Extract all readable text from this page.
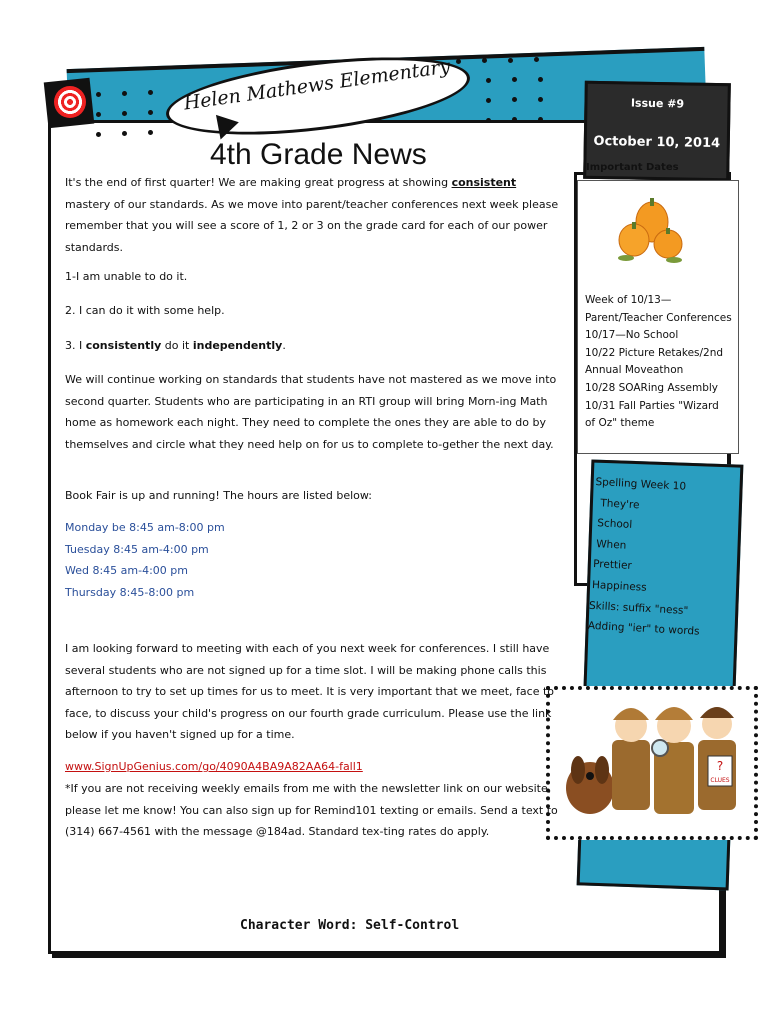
Helen Mathews Elementary
4th Grade News
Issue #9
October 10, 2014
Important Dates
Week of 10/13—
Parent/Teacher Conferences
10/17—No School
10/22 Picture Retakes/2nd
Annual Moveathon
10/28 SOARing Assembly
10/31 Fall Parties "Wizard
of Oz" theme
Spelling Week 10
They're
School
When
Prettier
Happiness
Skills: suffix "ness"
Adding "ier" to words
?
CLUES
It's the end of first quarter! We are making great progress at showing consistent mastery of our standards. As we move into parent/teacher conferences next week please remember that you will see a score of 1, 2 or 3 on the grade card for each of our power standards.
1-I am unable to do it.
2. I can do it with some help.
3. I consistently do it independently.
We will continue working on standards that students have not mastered as we move into second quarter. Students who are participating in an RTI group will bring Morn-ing Math home as homework each night. They need to complete the ones they are able to do by themselves and circle what they need help on for us to complete to-gether the next day.
Book Fair is up and running! The hours are listed below:
Monday be 8:45 am-8:00 pm
Tuesday 8:45 am-4:00 pm
Wed 8:45 am-4:00 pm
Thursday 8:45-8:00 pm
I am looking forward to meeting with each of you next week for conferences. I still have several students who are not signed up for a time slot. I will be making phone calls this afternoon to try to set up times for us to meet. It is very important that we meet, face to face, to discuss your child's progress on our fourth grade curriculum. Please use the link below if you haven't signed up for a time.
www.SignUpGenius.com/go/4090A4BA9A82AA64-fall1
*If you are not receiving weekly emails from me with the newsletter link on our website, please let me know! You can also sign up for Remind101 texting or emails. Send a text to (314) 667-4561 with the message @184ad. Standard tex-ting rates do apply.
Character Word: Self-Control
